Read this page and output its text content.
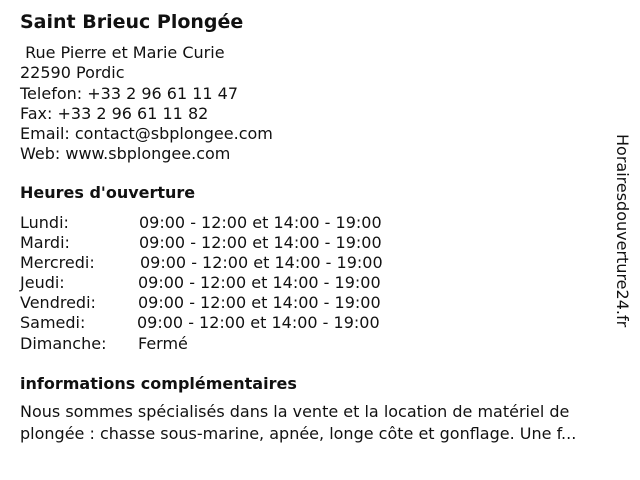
Saint Brieuc Plongée
Rue Pierre et Marie Curie
22590 Pordic
Telefon: +33 2 96 61 11 47
Fax: +33 2 96 61 11 82
Email: contact@sbplongee.com
Web: www.sbplongee.com
Heures d'ouverture
Lundi:	09:00 - 12:00 et 14:00 - 19:00
Mardi:	09:00 - 12:00 et 14:00 - 19:00
Mercredi:	09:00 - 12:00 et 14:00 - 19:00
Jeudi:	09:00 - 12:00 et 14:00 - 19:00
Vendredi:	09:00 - 12:00 et 14:00 - 19:00
Samedi:	09:00 - 12:00 et 14:00 - 19:00
Dimanche: Fermé
informations complémentaires
Nous sommes spécialisés dans la vente et la location de matériel de
plongée : chasse sous-marine, apnée, longe côte et gonflage. Une f...
Horairesdouverture24.fr
